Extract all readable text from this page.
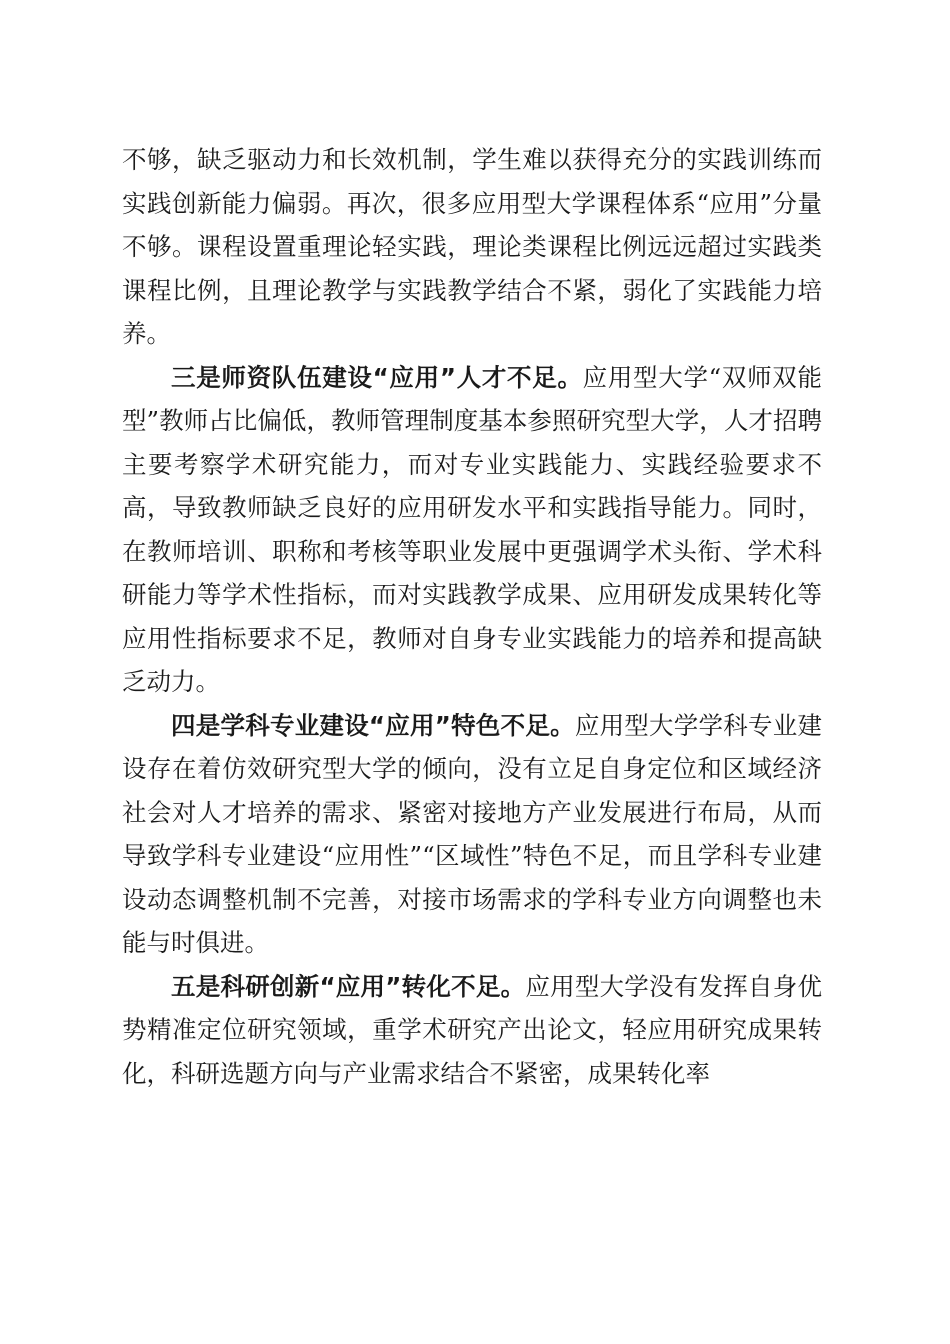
不够，缺乏驱动力和长效机制，学生难以获得充分的实践训练而实践创新能力偏弱。再次，很多应用型大学课程体系“应用”分量不够。课程设置重理论轻实践，理论类课程比例远远超过实践类课程比例，且理论教学与实践教学结合不紧，弱化了实践能力培养。

三是师资队伍建设“应用”人才不足。应用型大学“双师双能型”教师占比偏低，教师管理制度基本参照研究型大学，人才招聘主要考察学术研究能力，而对专业实践能力、实践经验要求不高，导致教师缺乏良好的应用研发水平和实践指导能力。同时，在教师培训、职称和考核等职业发展中更强调学术头衔、学术科研能力等学术性指标，而对实践教学成果、应用研发成果转化等应用性指标要求不足，教师对自身专业实践能力的培养和提高缺乏动力。

四是学科专业建设“应用”特色不足。应用型大学学科专业建设存在着仿效研究型大学的倾向，没有立足自身定位和区域经济社会对人才培养的需求、紧密对接地方产业发展进行布局，从而导致学科专业建设“应用性”“区域性”特色不足，而且学科专业建设动态调整机制不完善，对接市场需求的学科专业方向调整也未能与时俱进。

五是科研创新“应用”转化不足。应用型大学没有发挥自身优势精准定位研究领域，重学术研究产出论文，轻应用研究成果转化，科研选题方向与产业需求结合不紧密，成果转化率
